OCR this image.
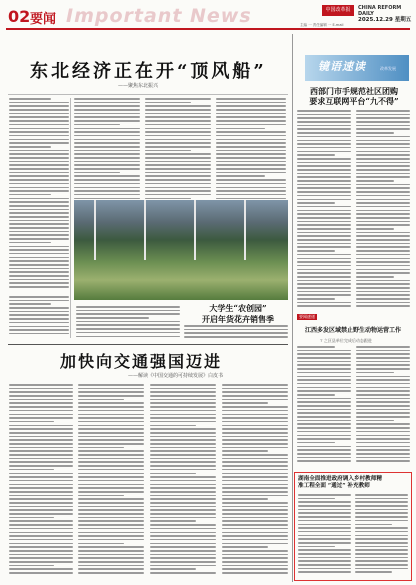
02 要闻 Important News	中国改革报	CHINA REFORM DAILY
2025.12.29 星期五
主编 一 责任编辑 一 E-mail
东北经济正在开“顶风船”
——聚焦东北振兴
大学生“农创园”
开启年货花卉销售季
加快向交通强国迈进
——解读《中国交通的可持续发展》白皮书
镜语速读	改革发展
西部门市手规范社区团购
要求互联网平台“九不得”
要闻速递
江西多发区域禁止野生动物运营工作
7 之区县单位完成后动态跟进
湖南全面推进政府调入乡村教师精
准工程全面 “通过” 补充教师
